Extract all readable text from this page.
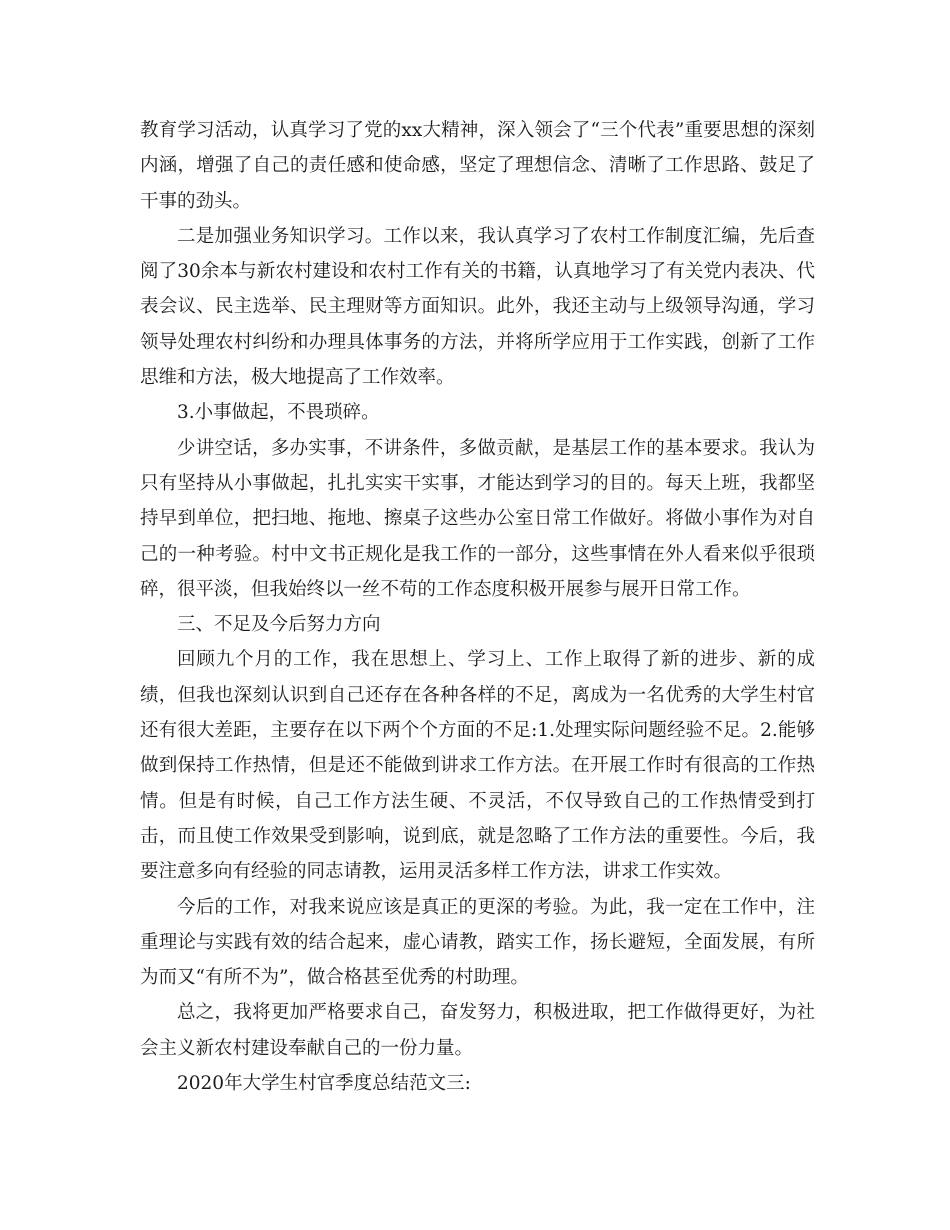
教育学习活动，认真学习了党的xx大精神，深入领会了“三个代表”重要思想的深刻内涵，增强了自己的责任感和使命感，坚定了理想信念、清晰了工作思路、鼓足了干事的劲头。

二是加强业务知识学习。工作以来，我认真学习了农村工作制度汇编，先后查阅了30余本与新农村建设和农村工作有关的书籍，认真地学习了有关党内表决、代表会议、民主选举、民主理财等方面知识。此外，我还主动与上级领导沟通，学习领导处理农村纠纷和办理具体事务的方法，并将所学应用于工作实践，创新了工作思维和方法，极大地提高了工作效率。

3.小事做起，不畏琐碎。

少讲空话，多办实事，不讲条件，多做贡献，是基层工作的基本要求。我认为只有坚持从小事做起，扎扎实实干实事，才能达到学习的目的。每天上班，我都坚持早到单位，把扫地、拖地、擦桌子这些办公室日常工作做好。将做小事作为对自己的一种考验。村中文书正规化是我工作的一部分，这些事情在外人看来似乎很琐碎，很平淡，但我始终以一丝不苟的工作态度积极开展参与展开日常工作。

三、不足及今后努力方向

回顾九个月的工作，我在思想上、学习上、工作上取得了新的进步、新的成绩，但我也深刻认识到自己还存在各种各样的不足，离成为一名优秀的大学生村官还有很大差距，主要存在以下两个个方面的不足:1.处理实际问题经验不足。2.能够做到保持工作热情，但是还不能做到讲求工作方法。在开展工作时有很高的工作热情。但是有时候，自己工作方法生硬、不灵活，不仅导致自己的工作热情受到打击，而且使工作效果受到影响，说到底，就是忽略了工作方法的重要性。今后，我要注意多向有经验的同志请教，运用灵活多样工作方法，讲求工作实效。

今后的工作，对我来说应该是真正的更深的考验。为此，我一定在工作中，注重理论与实践有效的结合起来，虚心请教，踏实工作，扬长避短，全面发展，有所为而又“有所不为”，做合格甚至优秀的村助理。

总之，我将更加严格要求自己，奋发努力，积极进取，把工作做得更好，为社会主义新农村建设奉献自己的一份力量。

2020年大学生村官季度总结范文三:
